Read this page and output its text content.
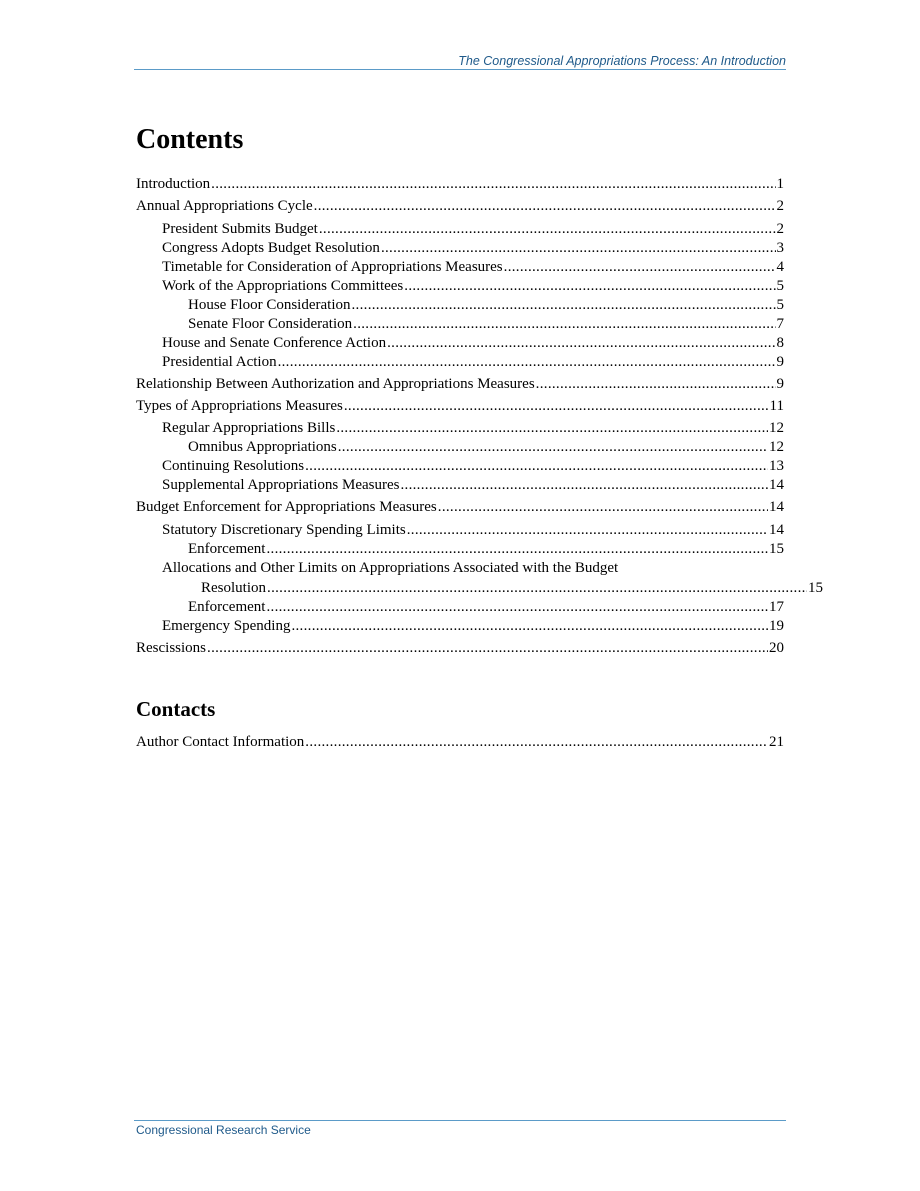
The Congressional Appropriations Process: An Introduction
Contents
Introduction .....	1
Annual Appropriations Cycle .....	2
President Submits Budget .....	2
Congress Adopts Budget Resolution .....	3
Timetable for Consideration of Appropriations Measures .....	4
Work of the Appropriations Committees .....	5
House Floor Consideration .....	5
Senate Floor Consideration .....	7
House and Senate Conference Action .....	8
Presidential Action .....	9
Relationship Between Authorization and Appropriations Measures .....	9
Types of Appropriations Measures .....	11
Regular Appropriations Bills .....	12
Omnibus Appropriations .....	12
Continuing Resolutions .....	13
Supplemental Appropriations Measures .....	14
Budget Enforcement for Appropriations Measures .....	14
Statutory Discretionary Spending Limits .....	14
Enforcement .....	15
Allocations and Other Limits on Appropriations Associated with the Budget
Resolution .....	15
Enforcement .....	17
Emergency Spending .....	19
Rescissions .....	20
Author Contact Information .....	21
Contacts
Congressional Research Service
